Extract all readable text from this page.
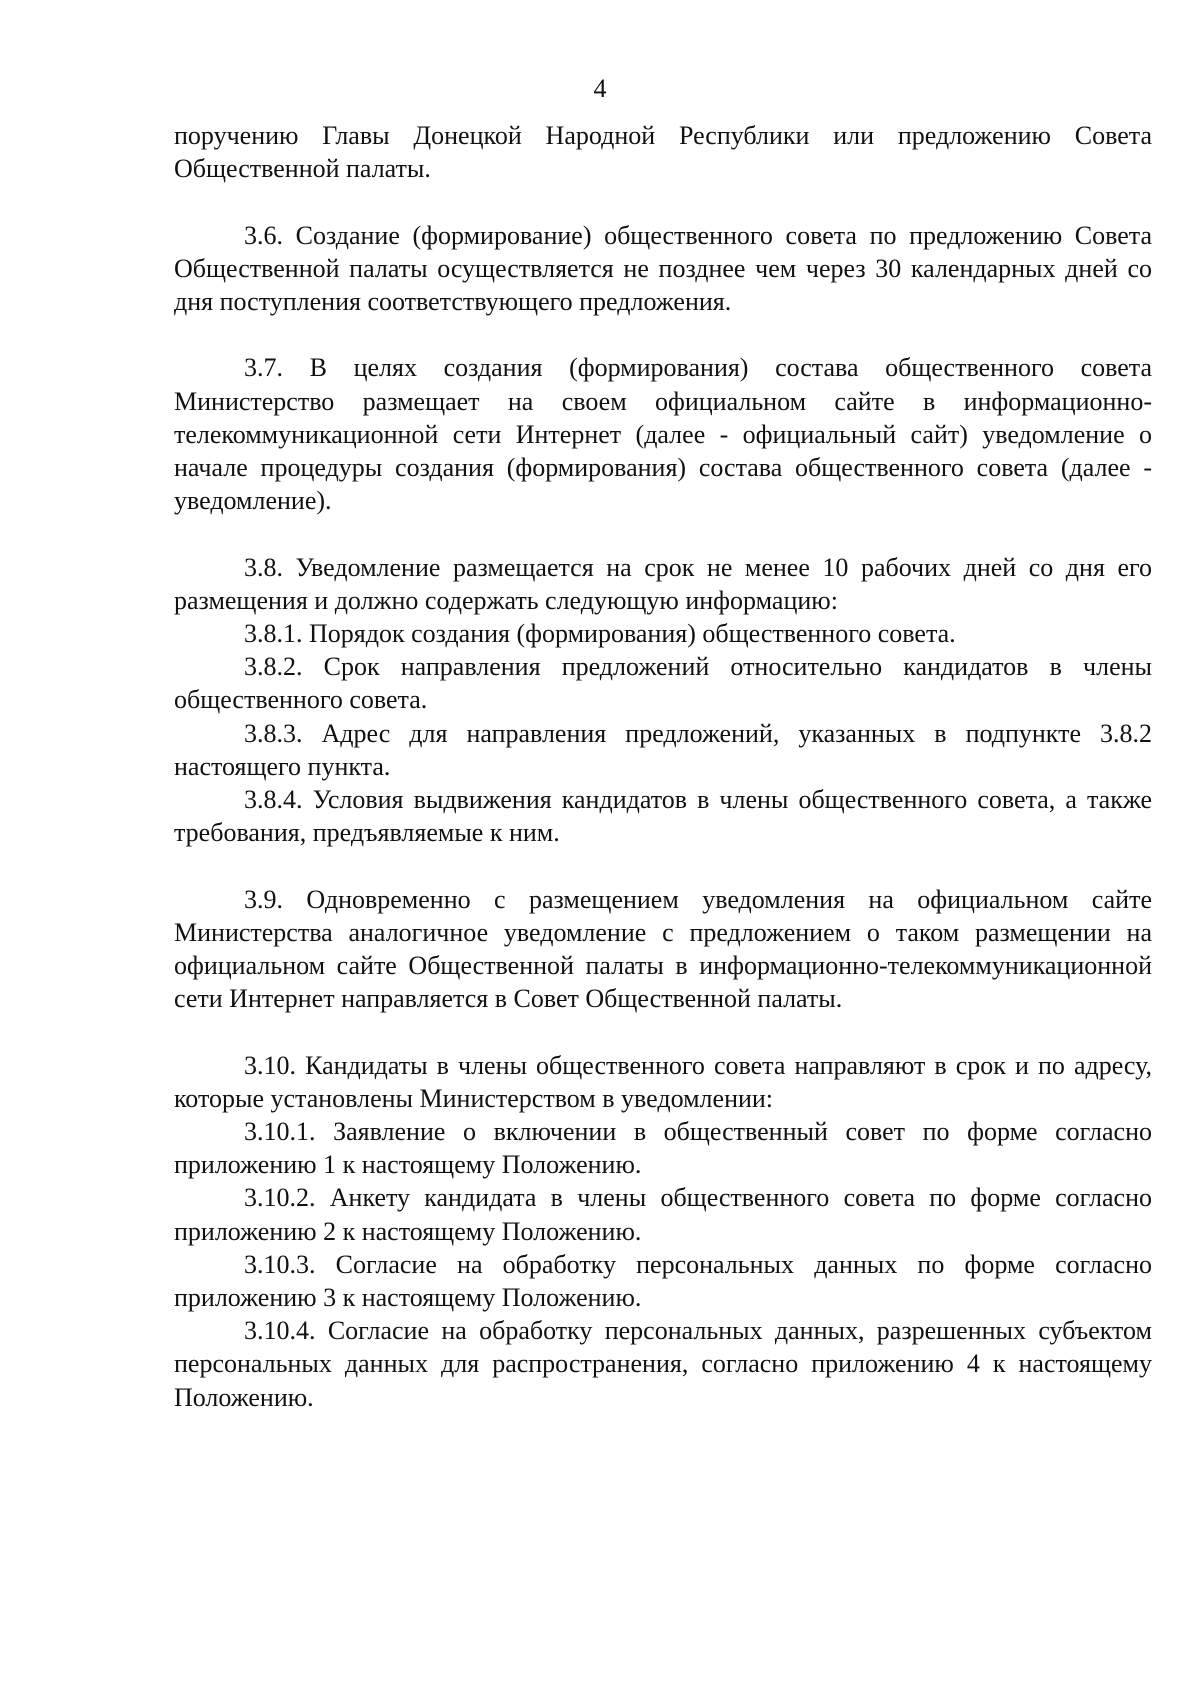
4

поручению Главы Донецкой Народной Республики или предложению Совета Общественной палаты.

3.6. Создание (формирование) общественного совета по предложению Совета Общественной палаты осуществляется не позднее чем через 30 календарных дней со дня поступления соответствующего предложения.

3.7. В целях создания (формирования) состава общественного совета Министерство размещает на своем официальном сайте в информационно-телекоммуникационной сети Интернет (далее - официальный сайт) уведомление о начале процедуры создания (формирования) состава общественного совета (далее - уведомление).

3.8. Уведомление размещается на срок не менее 10 рабочих дней со дня его размещения и должно содержать следующую информацию:

3.8.1. Порядок создания (формирования) общественного совета.

3.8.2. Срок направления предложений относительно кандидатов в члены общественного совета.

3.8.3. Адрес для направления предложений, указанных в подпункте 3.8.2 настоящего пункта.

3.8.4. Условия выдвижения кандидатов в члены общественного совета, а также требования, предъявляемые к ним.

3.9. Одновременно с размещением уведомления на официальном сайте Министерства аналогичное уведомление с предложением о таком размещении на официальном сайте Общественной палаты в информационно-телекоммуникационной сети Интернет направляется в Совет Общественной палаты.

3.10. Кандидаты в члены общественного совета направляют в срок и по адресу, которые установлены Министерством в уведомлении:

3.10.1. Заявление о включении в общественный совет по форме согласно приложению 1 к настоящему Положению.

3.10.2. Анкету кандидата в члены общественного совета по форме согласно приложению 2 к настоящему Положению.

3.10.3. Согласие на обработку персональных данных по форме согласно приложению 3 к настоящему Положению.

3.10.4. Согласие на обработку персональных данных, разрешенных субъектом персональных данных для распространения, согласно приложению 4 к настоящему Положению.
